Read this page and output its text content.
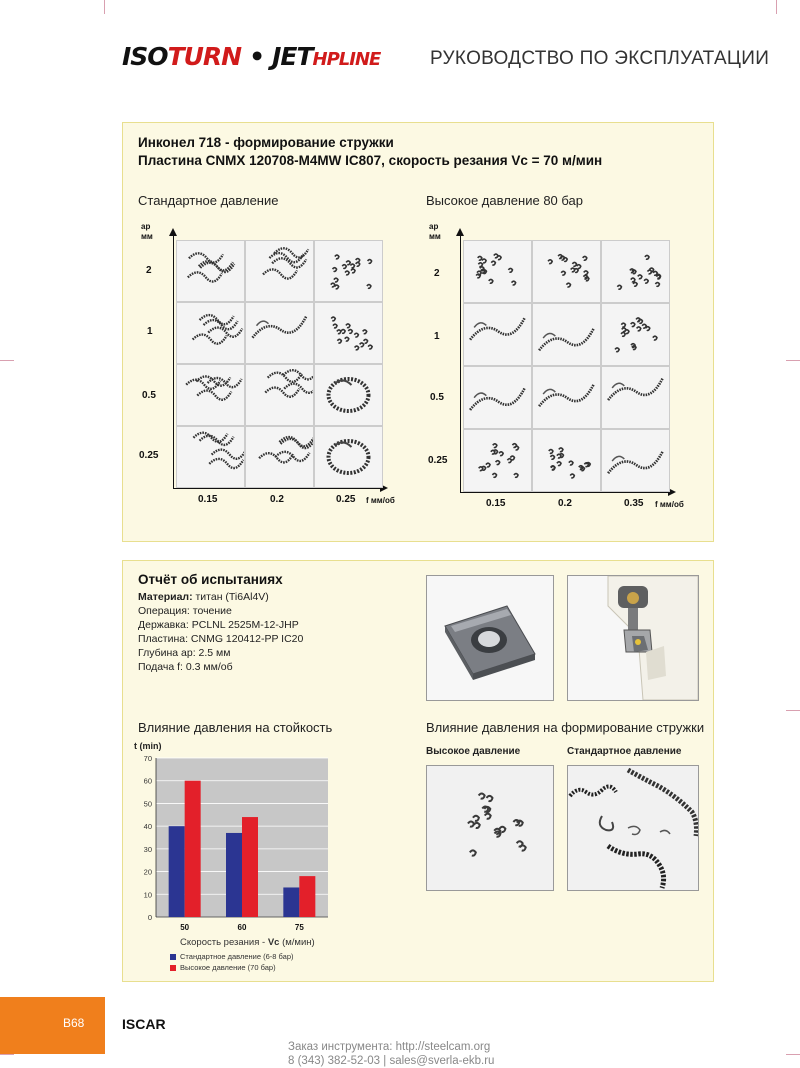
ISOTURN • JETHPLINE	РУКОВОДСТВО ПО ЭКСПЛУАТАЦИИ
Инконел 718 - формирование стружки
Пластина CNMX 120708-M4MW IC807, скорость резания Vc = 70 м/мин
Стандартное давление	Высокое давление 80 бар
ар
мм
2
1
0.5
0.25
0.15	0.2	0.25 f мм/об
ар
мм
2
1
0.5
0.25
0.15	0.2	0.35 f мм/об
Отчёт об испытаниях
Материал: титан (Ti6Al4V)
Операция: точение
Державка: PCLNL 2525M-12-JHP
Пластина: CNMG 120412-PP IC20
Глубина ар: 2.5 мм
Подача f: 0.3 мм/об
Влияние давления на стойкость	Влияние давления на формирование стружки
Высокое давление	Стандартное давление
t (min)
0
10
20
30
40
50
60
70
50	60	75
Скорость резания - Vc (м/мин)
Стандартное давление (6-8 бар)
Высокое давление (70 бар)
B68	ISCAR
Заказ инструмента: http://steelcam.org
8 (343) 382-52-03 | sales@sverla-ekb.ru
